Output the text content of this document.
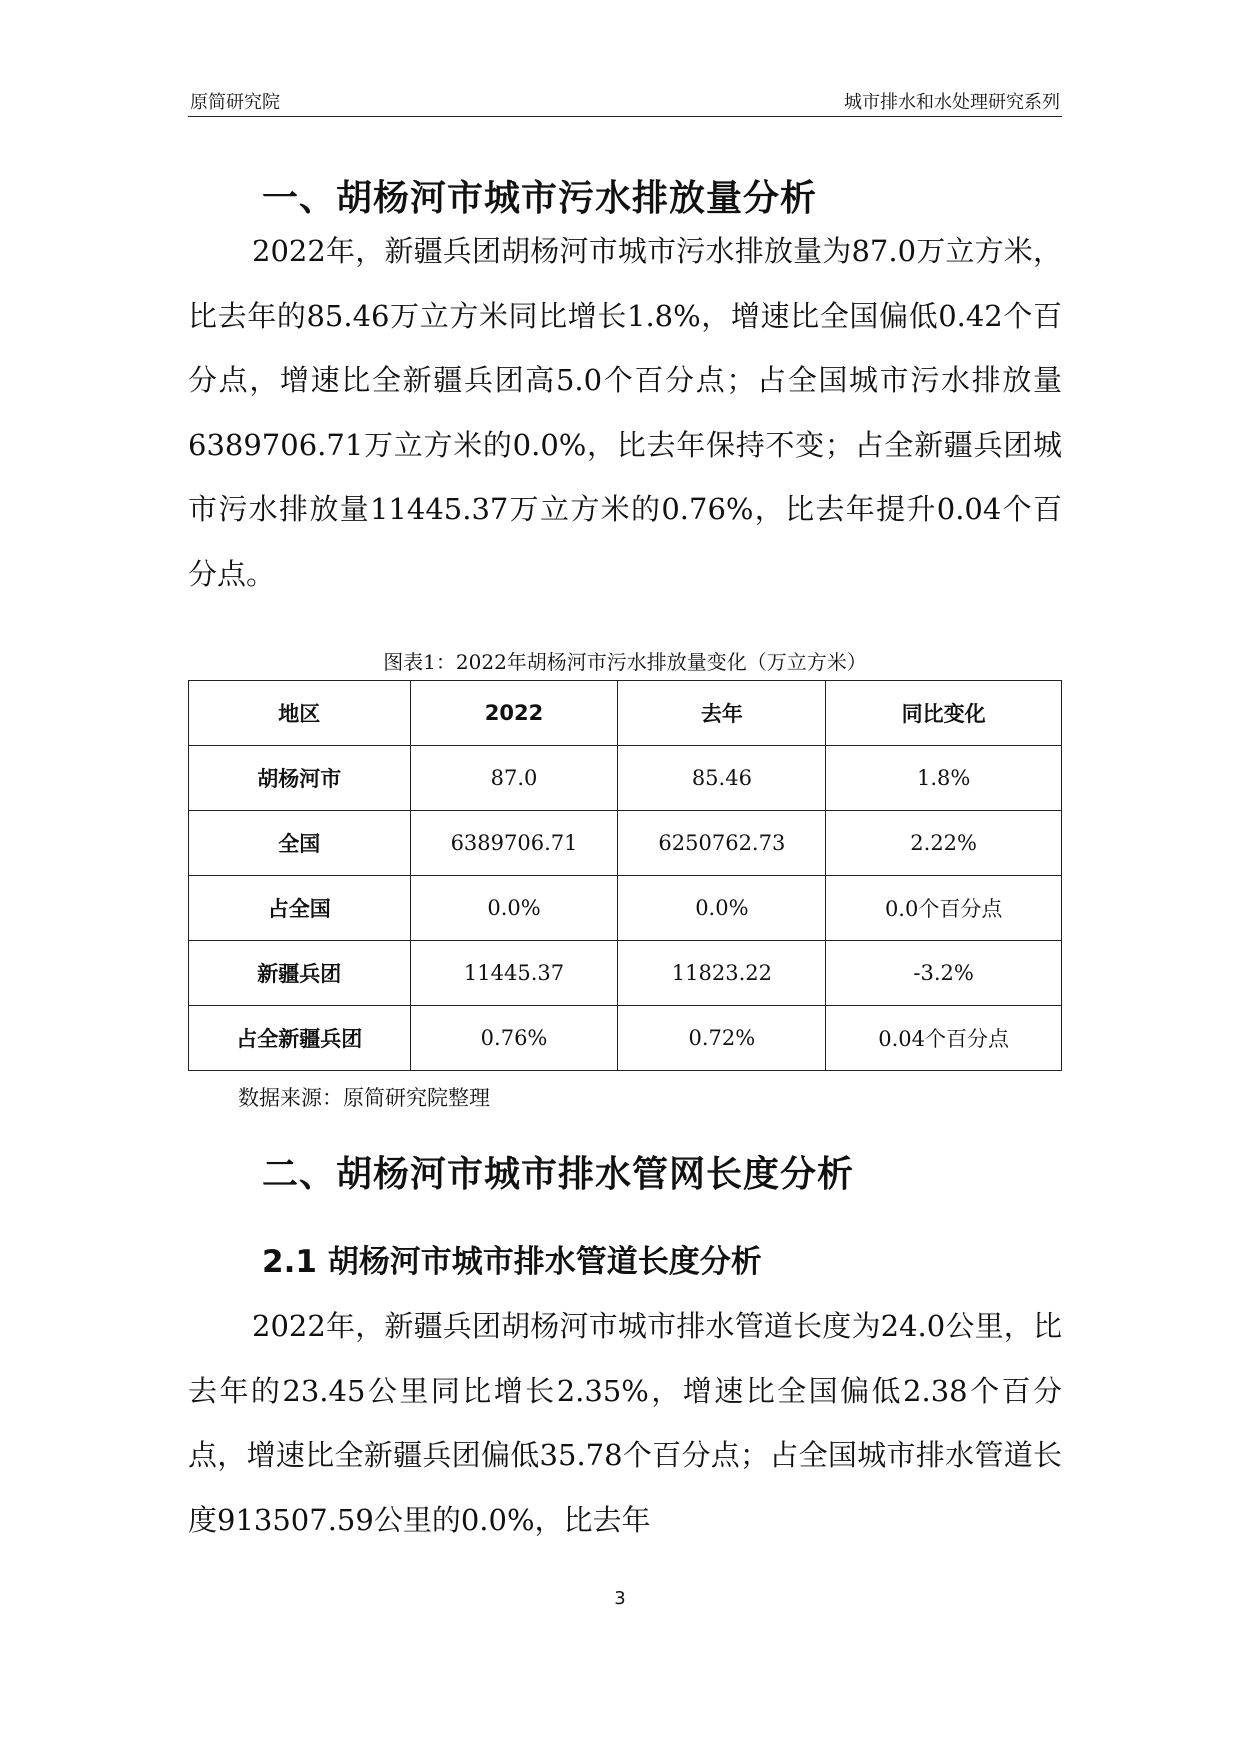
原简研究院	城市排水和水处理研究系列
一、胡杨河市城市污水排放量分析

2022年，新疆兵团胡杨河市城市污水排放量为87.0万立方米，比去年的85.46万立方米同比增长1.8%，增速比全国偏低0.42个百分点，增速比全新疆兵团高5.0个百分点；占全国城市污水排放量6389706.71万立方米的0.0%，比去年保持不变；占全新疆兵团城市污水排放量11445.37万立方米的0.76%，比去年提升0.04个百分点。

图表1：2022年胡杨河市污水排放量变化（万立方米）
地区	2022	去年	同比变化
胡杨河市	87.0	85.46	1.8%
全国	6389706.71	6250762.73	2.22%
占全国	0.0%	0.0%	0.0个百分点
新疆兵团	11445.37	11823.22	-3.2%
占全新疆兵团	0.76%	0.72%	0.04个百分点
数据来源：原简研究院整理
二、胡杨河市城市排水管网长度分析
2.1 胡杨河市城市排水管道长度分析

2022年，新疆兵团胡杨河市城市排水管道长度为24.0公里，比去年的23.45公里同比增长2.35%，增速比全国偏低2.38个百分点，增速比全新疆兵团偏低35.78个百分点；占全国城市排水管道长度913507.59公里的0.0%，比去年

3
